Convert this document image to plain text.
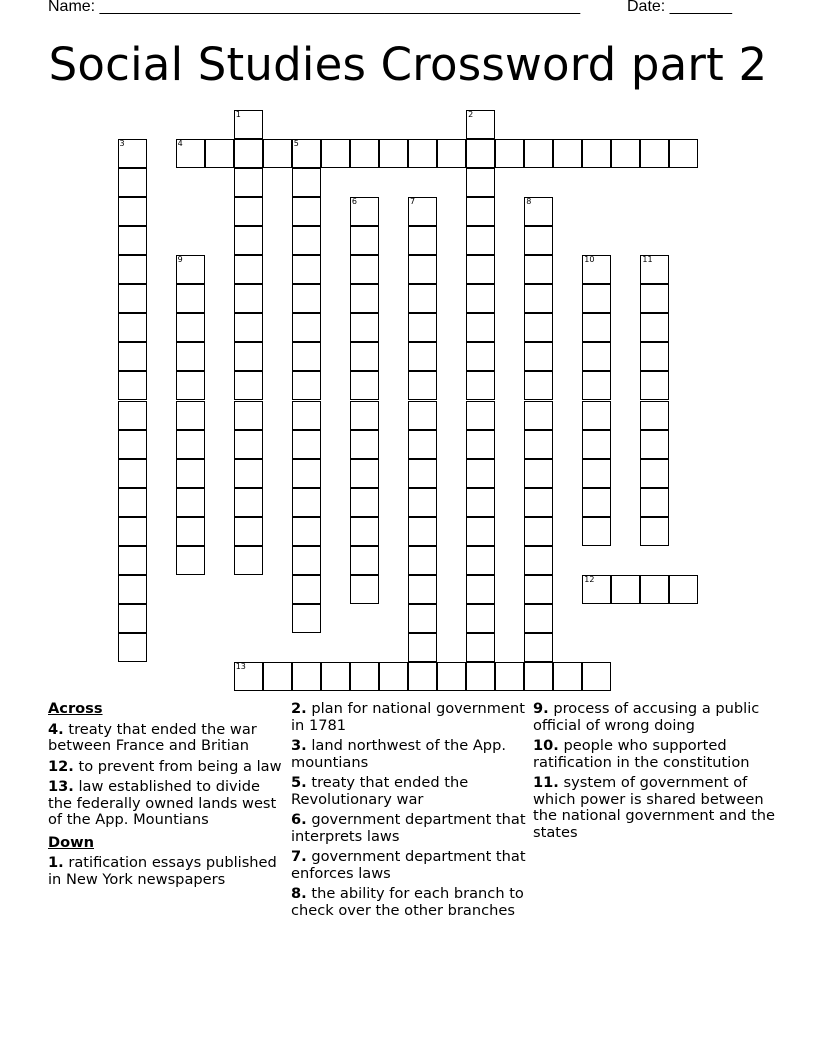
Name: ______________________________________________________	Date: _______
Social Studies Crossword part 2
1	2
3	4	5
6	7	8
9	10	11
12
13
Across
4. treaty that ended the war between France and Britian
12. to prevent from being a law
13. law established to divide the federally owned lands west of the App. Mountians
Down
1. ratification essays published in New York newspapers
2. plan for national government in 1781
3. land northwest of the App. mountians
5. treaty that ended the Revolutionary war
6. government department that interprets laws
7. government department that enforces laws
8. the ability for each branch to check over the other branches
9. process of accusing a public official of wrong doing
10. people who supported ratification in the constitution
11. system of government of which power is shared between the national government and the states
